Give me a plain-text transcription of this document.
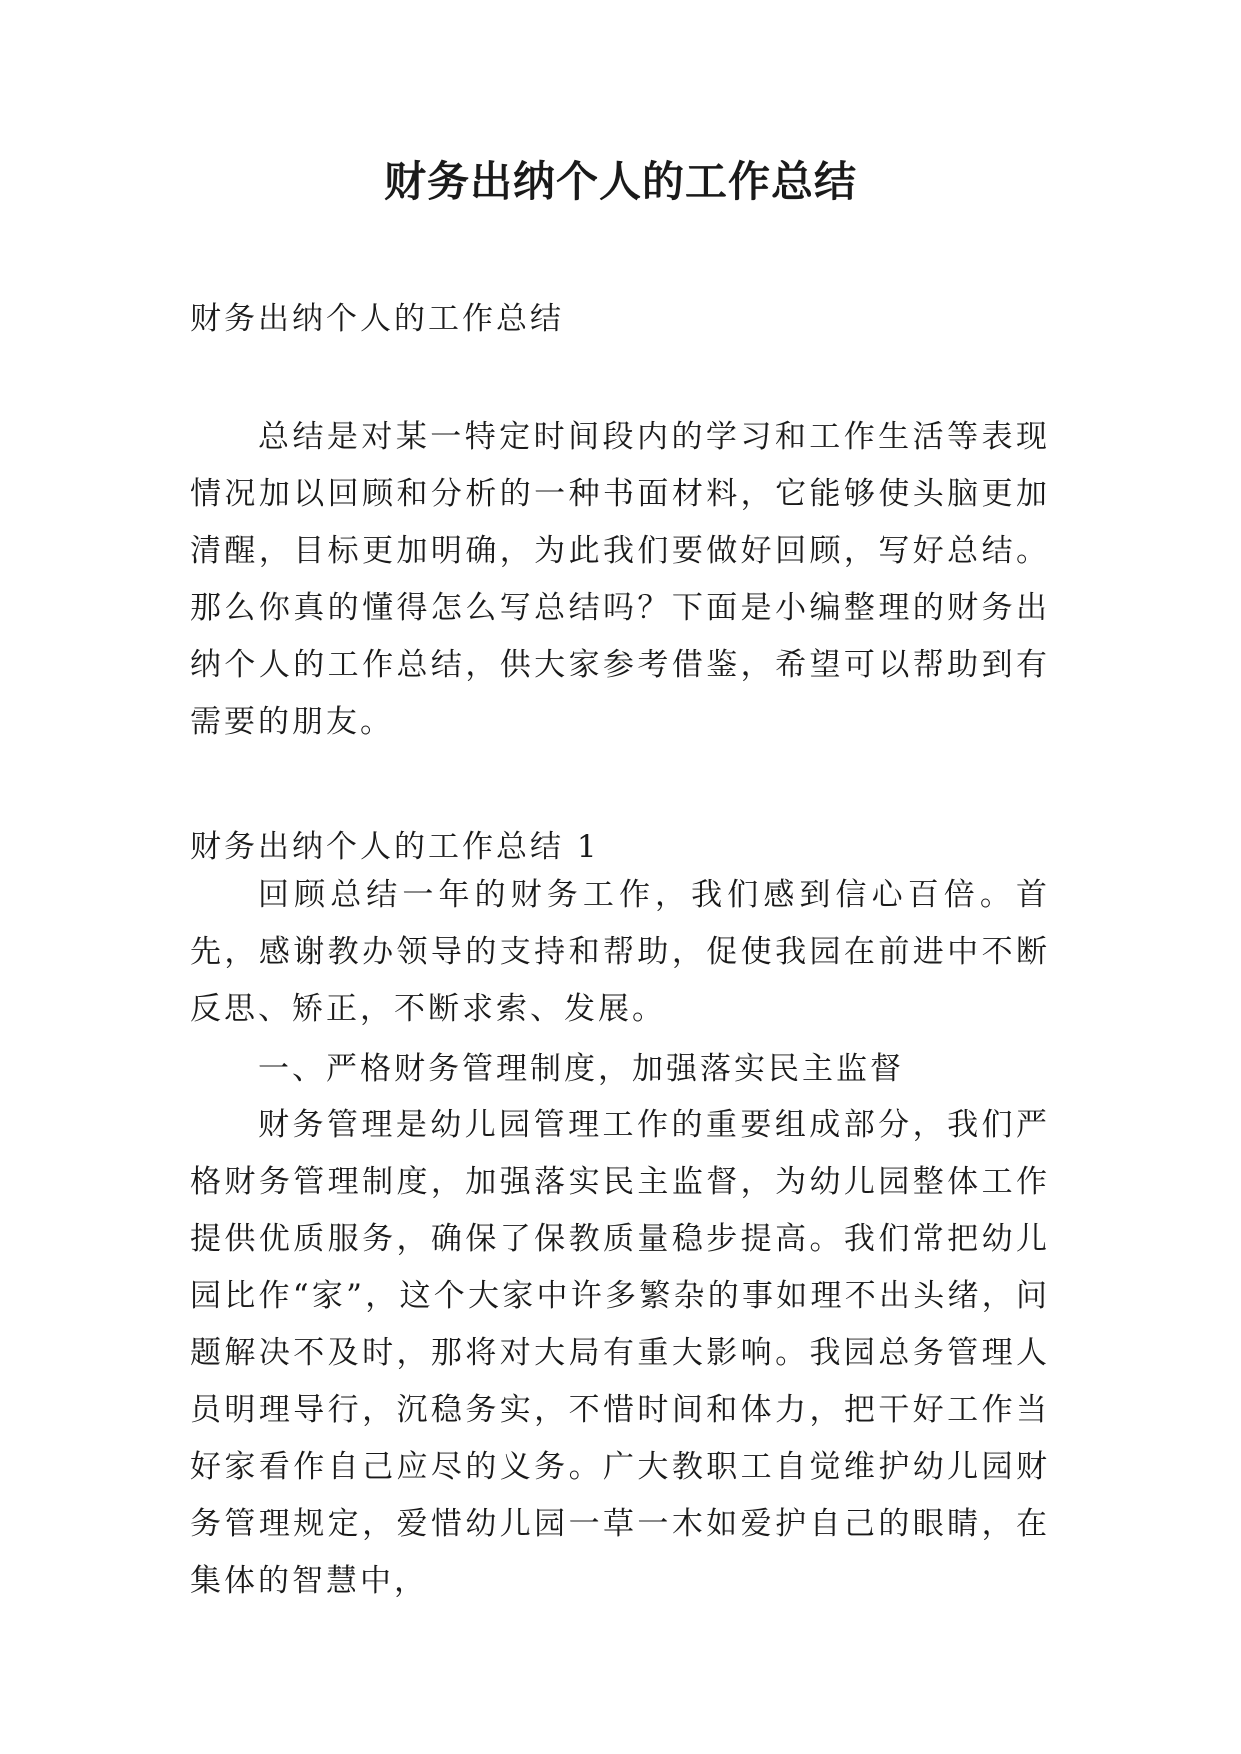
财务出纳个人的工作总结

财务出纳个人的工作总结

总结是对某一特定时间段内的学习和工作生活等表现情况加以回顾和分析的一种书面材料，它能够使头脑更加清醒，目标更加明确，为此我们要做好回顾，写好总结。那么你真的懂得怎么写总结吗？下面是小编整理的财务出纳个人的工作总结，供大家参考借鉴，希望可以帮助到有需要的朋友。

财务出纳个人的工作总结 1

回顾总结一年的财务工作，我们感到信心百倍。首先，感谢教办领导的支持和帮助，促使我园在前进中不断反思、矫正，不断求索、发展。

一、严格财务管理制度，加强落实民主监督

财务管理是幼儿园管理工作的重要组成部分，我们严格财务管理制度，加强落实民主监督，为幼儿园整体工作提供优质服务，确保了保教质量稳步提高。我们常把幼儿园比作“家”，这个大家中许多繁杂的事如理不出头绪，问题解决不及时，那将对大局有重大影响。我园总务管理人员明理导行，沉稳务实，不惜时间和体力，把干好工作当好家看作自己应尽的义务。广大教职工自觉维护幼儿园财务管理规定，爱惜幼儿园一草一木如爱护自己的眼睛，在集体的智慧中，
